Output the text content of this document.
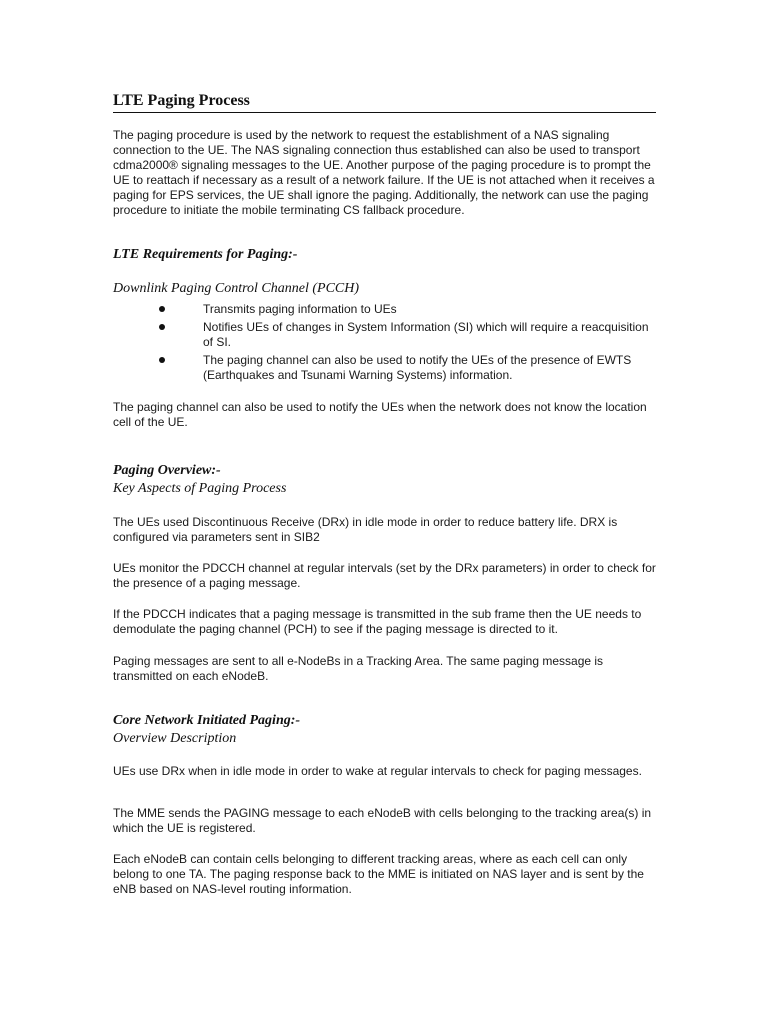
LTE Paging Process

The paging procedure is used by the network to request the establishment of a NAS signaling connection to the UE. The NAS signaling connection thus established can also be used to transport cdma2000® signaling messages to the UE. Another purpose of the paging procedure is to prompt the UE to reattach if necessary as a result of a network failure. If the UE is not attached when it receives a paging for EPS services, the UE shall ignore the paging. Additionally, the network can use the paging procedure to initiate the mobile terminating CS fallback procedure.

LTE Requirements for Paging:-

Downlink Paging Control Channel (PCCH)

Transmits paging information to UEs
Notifies UEs of changes in System Information (SI) which will require a reacquisition of SI.
The paging channel can also be used to notify the UEs of the presence of EWTS (Earthquakes and Tsunami Warning Systems) information.

The paging channel can also be used to notify the UEs when the network does not know the location cell of the UE.

Paging Overview:-

Key Aspects of Paging Process

The UEs used Discontinuous Receive (DRx) in idle mode in order to reduce battery life. DRX is configured via parameters sent in SIB2

UEs monitor the PDCCH channel at regular intervals (set by the DRx parameters) in order to check for the presence of a paging message.

If the PDCCH indicates that a paging message is transmitted in the sub frame then the UE needs to demodulate the paging channel (PCH) to see if the paging message is directed to it.

Paging messages are sent to all e-NodeBs in a Tracking Area. The same paging message is transmitted on each eNodeB.

Core Network Initiated Paging:-

Overview Description

UEs use DRx when in idle mode in order to wake at regular intervals to check for paging messages.

The MME sends the PAGING message to each eNodeB with cells belonging to the tracking area(s) in which the UE is registered.

Each eNodeB can contain cells belonging to different tracking areas, where as each cell can only belong to one TA. The paging response back to the MME is initiated on NAS layer and is sent by the eNB based on NAS-level routing information.
